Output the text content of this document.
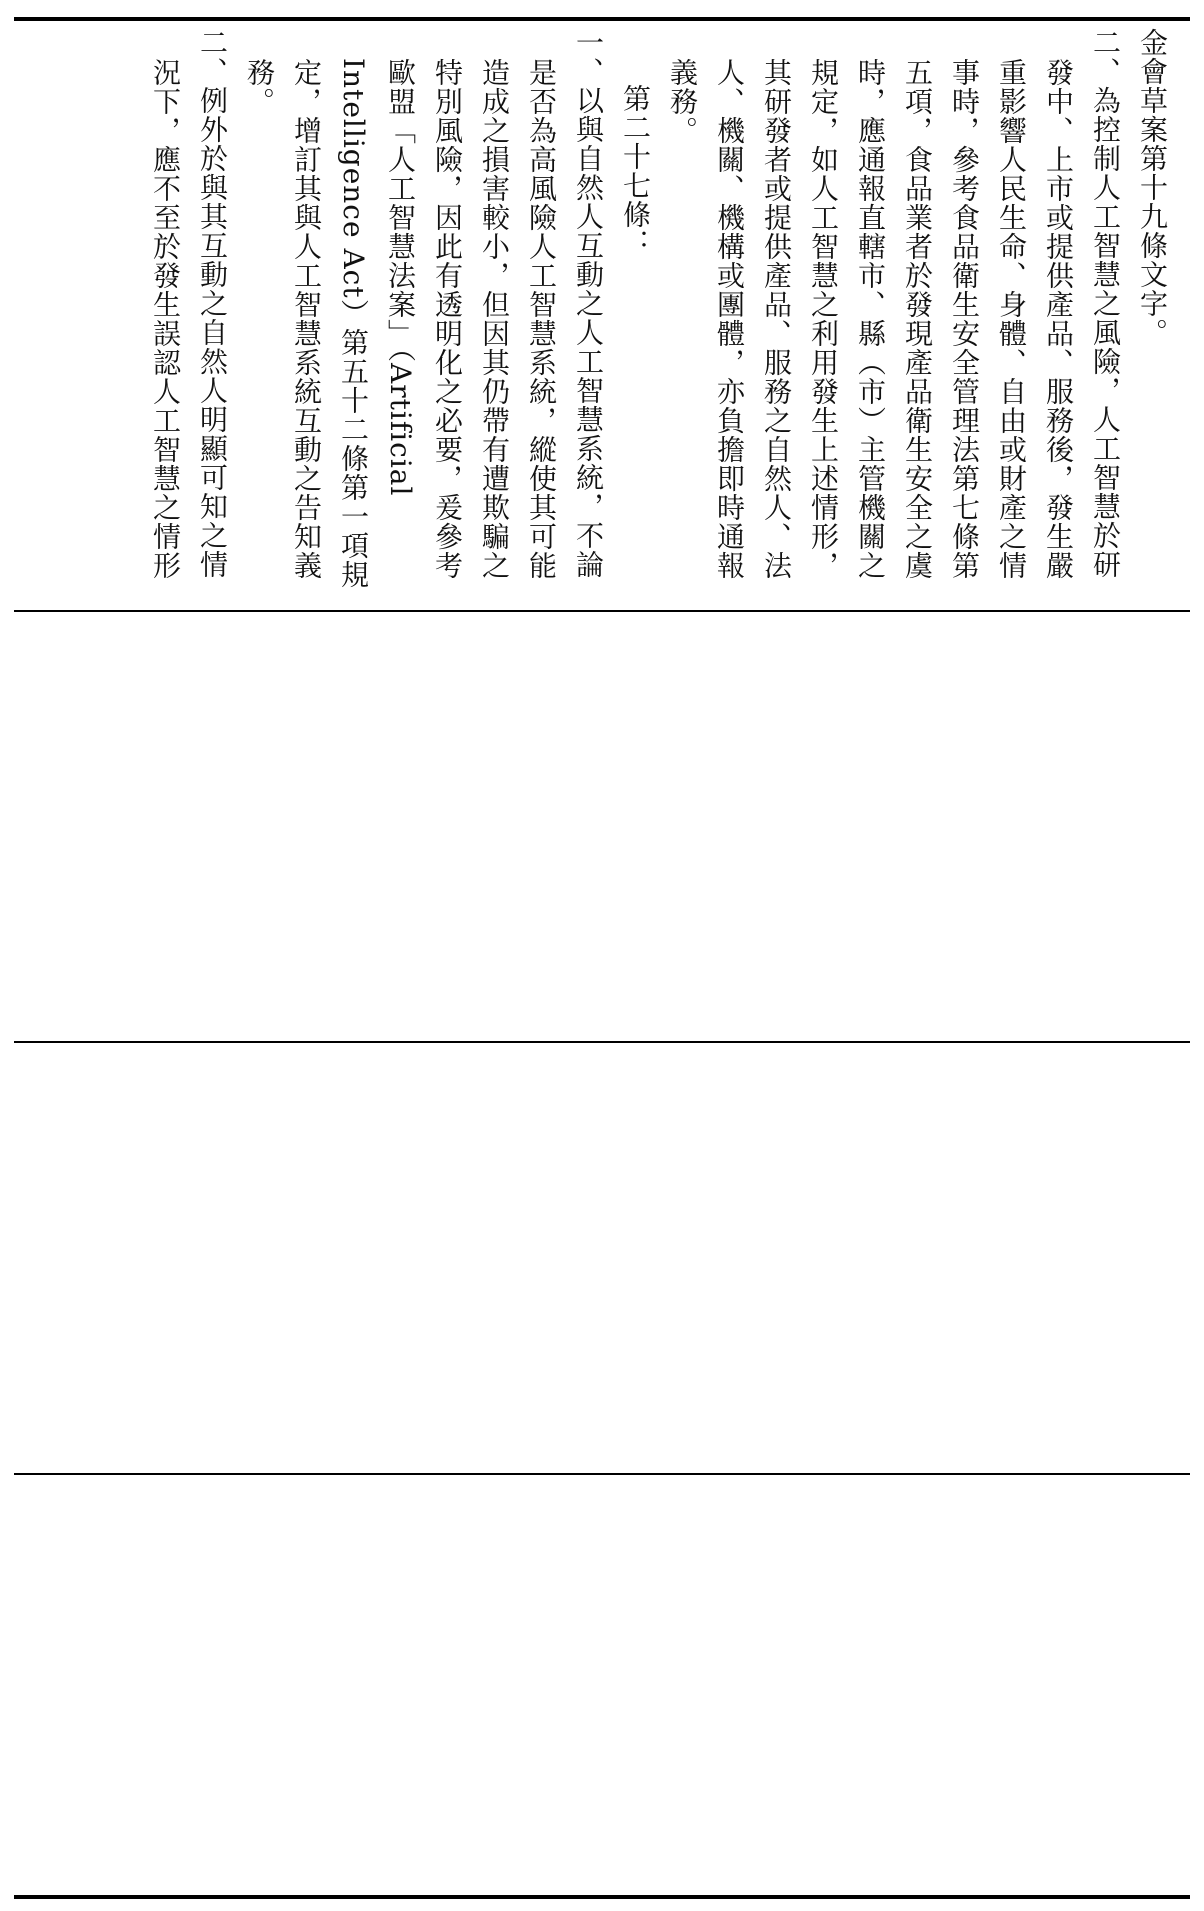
金會草案第十九條文字。

二、為控制人工智慧之風險，人工智慧於研

發中、上市或提供產品、服務後，發生嚴

重影響人民生命、身體、自由或財產之情

事時，參考食品衛生安全管理法第七條第

五項，食品業者於發現產品衛生安全之虞

時，應通報直轄市、縣（市）主管機關之

規定，如人工智慧之利用發生上述情形，

其研發者或提供產品、服務之自然人、法

人、機關、機構或團體，亦負擔即時通報

義務。

第二十七條：

一、以與自然人互動之人工智慧系統，不論

是否為高風險人工智慧系統，縱使其可能

造成之損害較小，但因其仍帶有遭欺騙之

特別風險，因此有透明化之必要，爰參考

歐盟「人工智慧法案」（Artificial

Intelligence Act）第五十二條第一項規

定，增訂其與人工智慧系統互動之告知義

務。

二、例外於與其互動之自然人明顯可知之情

況下，應不至於發生誤認人工智慧之情形
